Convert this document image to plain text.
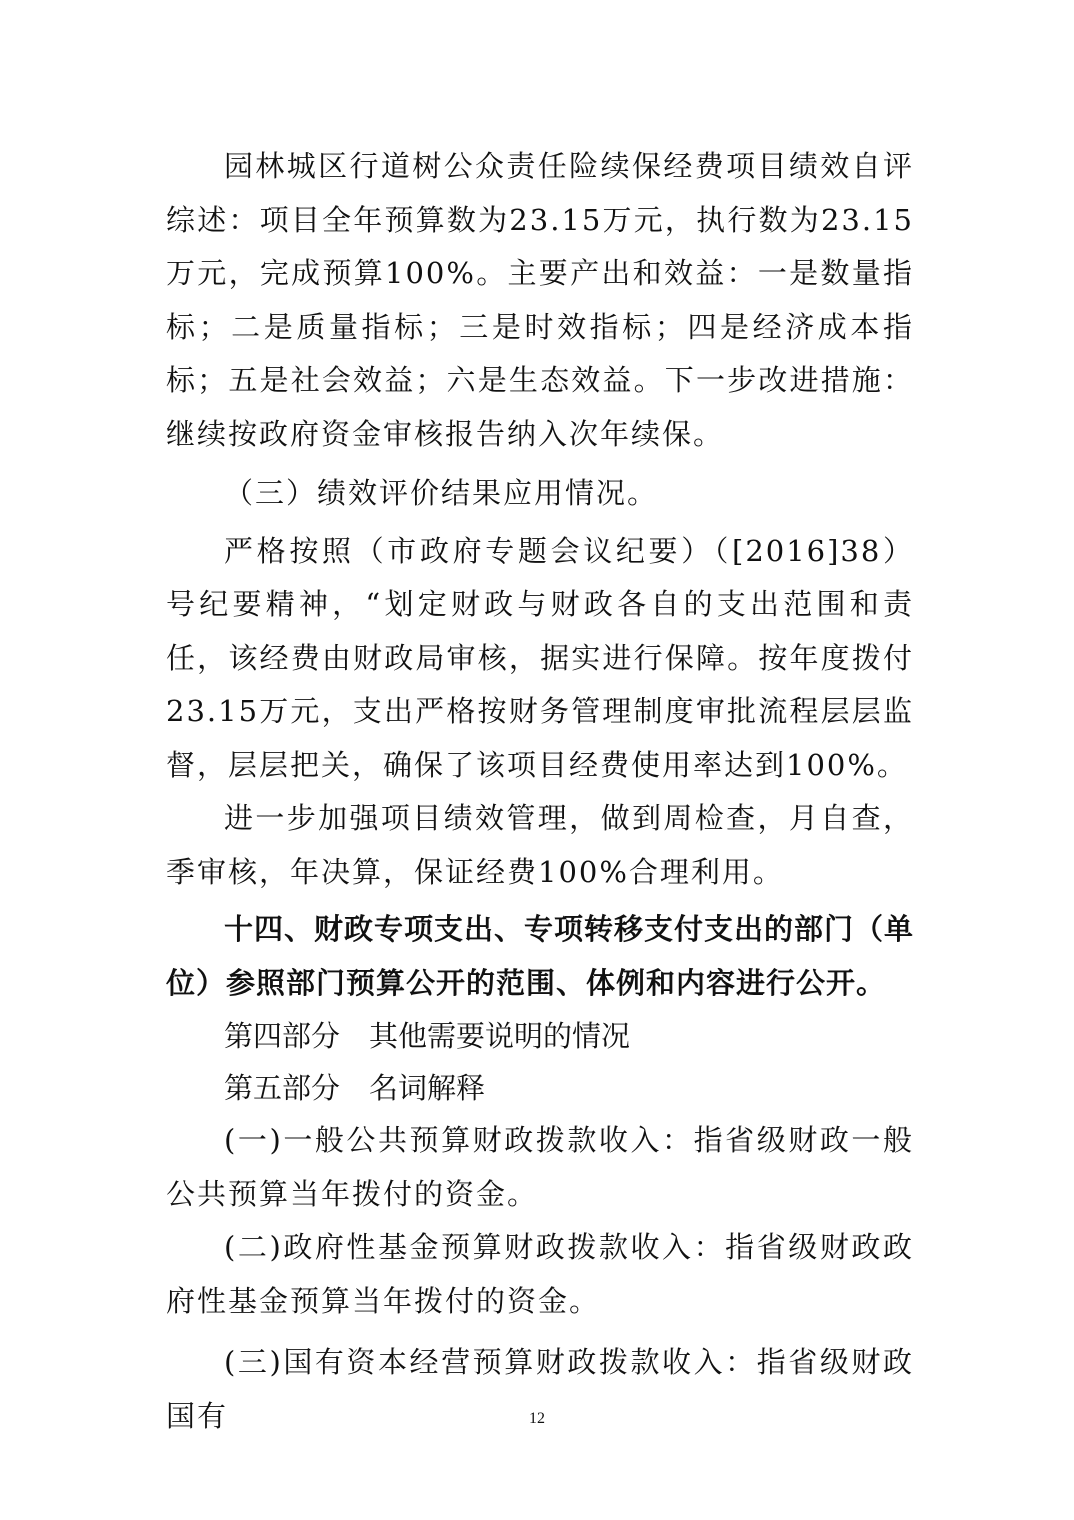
园林城区行道树公众责任险续保经费项目绩效自评综述：项目全年预算数为23.15万元，执行数为23.15万元，完成预算100%。主要产出和效益：一是数量指标；二是质量指标；三是时效指标；四是经济成本指标；五是社会效益；六是生态效益。下一步改进措施：继续按政府资金审核报告纳入次年续保。

（三）绩效评价结果应用情况。

严格按照（市政府专题会议纪要）（[2016]38）号纪要精神，“划定财政与财政各自的支出范围和责任，该经费由财政局审核，据实进行保障。按年度拨付23.15万元，支出严格按财务管理制度审批流程层层监督，层层把关，确保了该项目经费使用率达到100%。

进一步加强项目绩效管理，做到周检查，月自查，季审核，年决算，保证经费100%合理利用。

十四、财政专项支出、专项转移支付支出的部门（单位）参照部门预算公开的范围、体例和内容进行公开。

第四部分　其他需要说明的情况

第五部分　名词解释

(一)一般公共预算财政拨款收入：指省级财政一般公共预算当年拨付的资金。

(二)政府性基金预算财政拨款收入：指省级财政政府性基金预算当年拨付的资金。

(三)国有资本经营预算财政拨款收入：指省级财政国有	12
